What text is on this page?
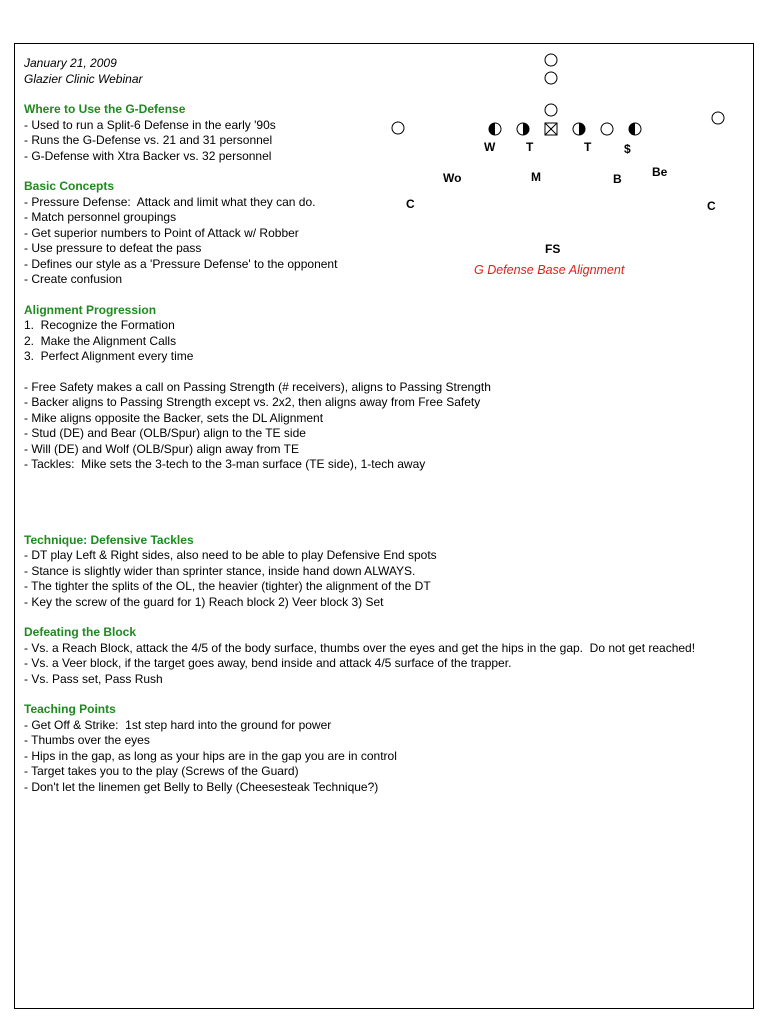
January 21, 2009

Glazier Clinic Webinar

Where to Use the G-Defense

- Used to run a Split-6 Defense in the early '90s

- Runs the G-Defense vs. 21 and 31 personnel

- G-Defense with Xtra Backer vs. 32 personnel

Basic Concepts

- Pressure Defense:  Attack and limit what they can do.

- Match personnel groupings

- Get superior numbers to Point of Attack w/ Robber

- Use pressure to defeat the pass

- Defines our style as a 'Pressure Defense' to the opponent

- Create confusion

Alignment Progression

1.  Recognize the Formation

2.  Make the Alignment Calls

3.  Perfect Alignment every time

- Free Safety makes a call on Passing Strength (# receivers), aligns to Passing Strength

- Backer aligns to Passing Strength except vs. 2x2, then aligns away from Free Safety

- Mike aligns opposite the Backer, sets the DL Alignment

- Stud (DE) and Bear (OLB/Spur) align to the TE side

- Will (DE) and Wolf (OLB/Spur) align away from TE

- Tackles:  Mike sets the 3-tech to the 3-man surface (TE side), 1-tech away

Technique: Defensive Tackles

- DT play Left & Right sides, also need to be able to play Defensive End spots

- Stance is slightly wider than sprinter stance, inside hand down ALWAYS.

- The tighter the splits of the OL, the heavier (tighter) the alignment of the DT

- Key the screw of the guard for 1) Reach block 2) Veer block 3) Set

Defeating the Block

- Vs. a Reach Block, attack the 4/5 of the body surface, thumbs over the eyes and get the hips in the gap.  Do not get reached!

- Vs. a Veer block, if the target goes away, bend inside and attack 4/5 surface of the trapper.

- Vs. Pass set, Pass Rush

Teaching Points

- Get Off & Strike:  1st step hard into the ground for power

- Thumbs over the eyes

- Hips in the gap, as long as your hips are in the gap you are in control

- Target takes you to the play (Screws of the Guard)

- Don't let the linemen get Belly to Belly (Cheesesteak Technique?)

W	T	T	$
Wo	M	B	Be
C	C
FS
G Defense Base Alignment
